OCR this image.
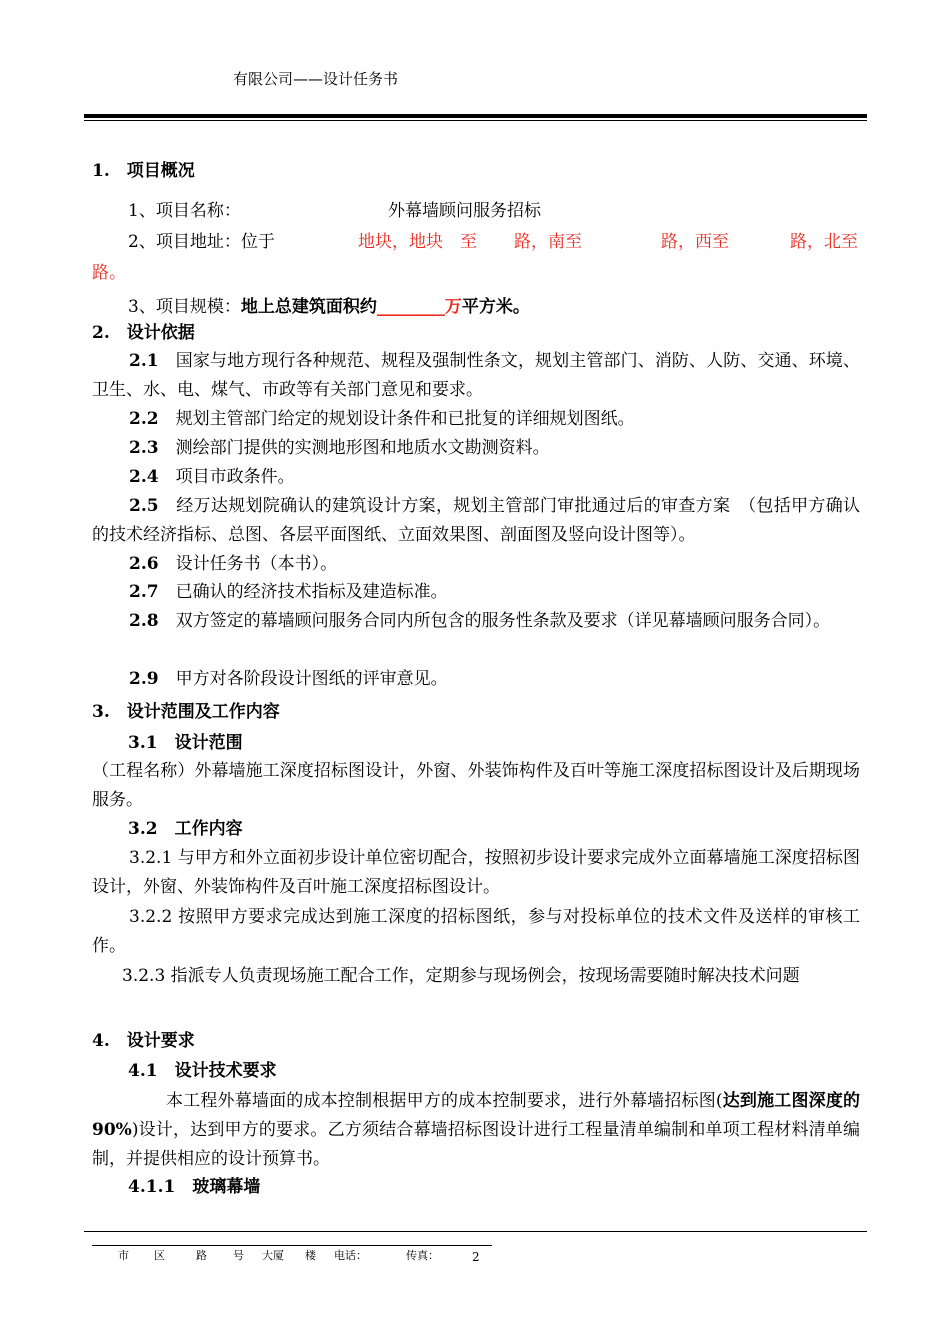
有限公司——设计任务书
1.　项目概况
1、项目名称：	外幕墙顾问服务招标
2、项目地址：位于	地块，地块　至 路，南至	路，西至	路，北至
路。
3、项目规模：地上总建筑面积约________万平方米。
2.　设计依据
2.1　 国家与地方现行各种规范、规程及强制性条文，规划主管部门、消防、人防、交通、环境、卫生、水、电、煤气、市政等有关部门意见和要求。
2.2　 规划主管部门给定的规划设计条件和已批复的详细规划图纸。
2.3　 测绘部门提供的实测地形图和地质水文勘测资料。
2.4　 项目市政条件。
2.5　 经万达规划院确认的建筑设计方案，规划主管部门审批通过后的审查方案　（包括甲方确认的技术经济指标、总图、各层平面图纸、立面效果图、剖面图及竖向设计图等）。
2.6　 设计任务书（本书）。
2.7　 已确认的经济技术指标及建造标准。
2.8　 双方签定的幕墙顾问服务合同内所包含的服务性条款及要求（详见幕墙顾问服务合同）。
2.9　 甲方对各阶段设计图纸的评审意见。
3.　设计范围及工作内容
3.1　设计范围
（工程名称）外幕墙施工深度招标图设计，外窗、外装饰构件及百叶等施工深度招标图设计及后期现场服务。
3.2　工作内容
3.2.1 与甲方和外立面初步设计单位密切配合，按照初步设计要求完成外立面幕墙施工深度招标图设计，外窗、外装饰构件及百叶施工深度招标图设计。
3.2.2 按照甲方要求完成达到施工深度的招标图纸，参与对投标单位的技术文件及送样的审核工作。
3.2.3 指派专人负责现场施工配合工作，定期参与现场例会，按现场需要随时解决技术问题
4.　设计要求
4.1　设计技术要求
本工程外幕墙面的成本控制根据甲方的成本控制要求，进行外幕墙招标图(达到施工图深度的90%)设计，达到甲方的要求。乙方须结合幕墙招标图设计进行工程量清单编制和单项工程材料清单编制，并提供相应的设计预算书。
4.1.1　玻璃幕墙
市 区	路 号 大厦 楼 电话：	传真：	2
